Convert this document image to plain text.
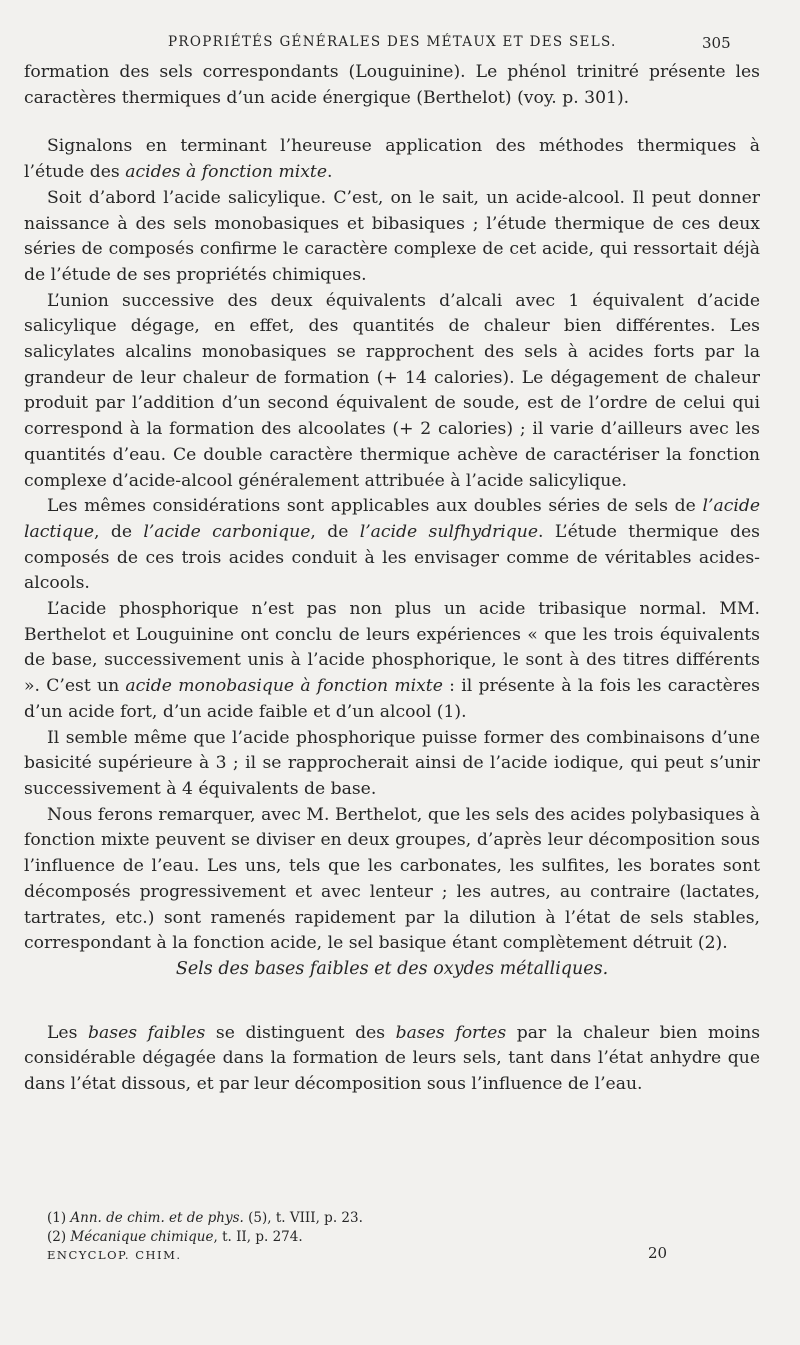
PROPRIÉTÉS GÉNÉRALES DES MÉTAUX ET DES SELS.	305

formation des sels correspondants (Louguinine). Le phénol trinitré présente les caractères thermiques d’un acide énergique (Berthelot) (voy. p. 301).

Signalons en terminant l’heureuse application des méthodes thermiques à l’étude des acides à fonction mixte.

Soit d’abord l’acide salicylique. C’est, on le sait, un acide-alcool. Il peut donner naissance à des sels monobasiques et bibasiques ; l’étude thermique de ces deux séries de composés confirme le caractère complexe de cet acide, qui ressortait déjà de l’étude de ses propriétés chimiques.

L’union successive des deux équivalents d’alcali avec 1 équivalent d’acide salicylique dégage, en effet, des quantités de chaleur bien différentes. Les salicylates alcalins monobasiques se rapprochent des sels à acides forts par la grandeur de leur chaleur de formation (+ 14 calories). Le dégagement de chaleur produit par l’addition d’un second équivalent de soude, est de l’ordre de celui qui correspond à la formation des alcoolates (+ 2 calories) ; il varie d’ailleurs avec les quantités d’eau. Ce double caractère thermique achève de caractériser la fonction complexe d’acide-alcool généralement attribuée à l’acide salicylique.

Les mêmes considérations sont applicables aux doubles séries de sels de l’acide lactique, de l’acide carbonique, de l’acide sulfhydrique. L’étude thermique des composés de ces trois acides conduit à les envisager comme de véritables acides-alcools.

L’acide phosphorique n’est pas non plus un acide tribasique normal. MM. Berthelot et Louguinine ont conclu de leurs expériences « que les trois équivalents de base, successivement unis à l’acide phosphorique, le sont à des titres différents ». C’est un acide monobasique à fonction mixte : il présente à la fois les caractères d’un acide fort, d’un acide faible et d’un alcool (1).

Il semble même que l’acide phosphorique puisse former des combinaisons d’une basicité supérieure à 3 ; il se rapprocherait ainsi de l’acide iodique, qui peut s’unir successivement à 4 équivalents de base.

Nous ferons remarquer, avec M. Berthelot, que les sels des acides polybasiques à fonction mixte peuvent se diviser en deux groupes, d’après leur décomposition sous l’influence de l’eau. Les uns, tels que les carbonates, les sulfites, les borates sont décomposés progressivement et avec lenteur ; les autres, au contraire (lactates, tartrates, etc.) sont ramenés rapidement par la dilution à l’état de sels stables, correspondant à la fonction acide, le sel basique étant complètement détruit (2).

Sels des bases faibles et des oxydes métalliques.

Les bases faibles se distinguent des bases fortes par la chaleur bien moins considérable dégagée dans la formation de leurs sels, tant dans l’état anhydre que dans l’état dissous, et par leur décomposition sous l’influence de l’eau.

(1) Ann. de chim. et de phys. (5), t. VIII, p. 23.
(2) Mécanique chimique, t. II, p. 274.
ENCYCLOP. CHIM.	20
